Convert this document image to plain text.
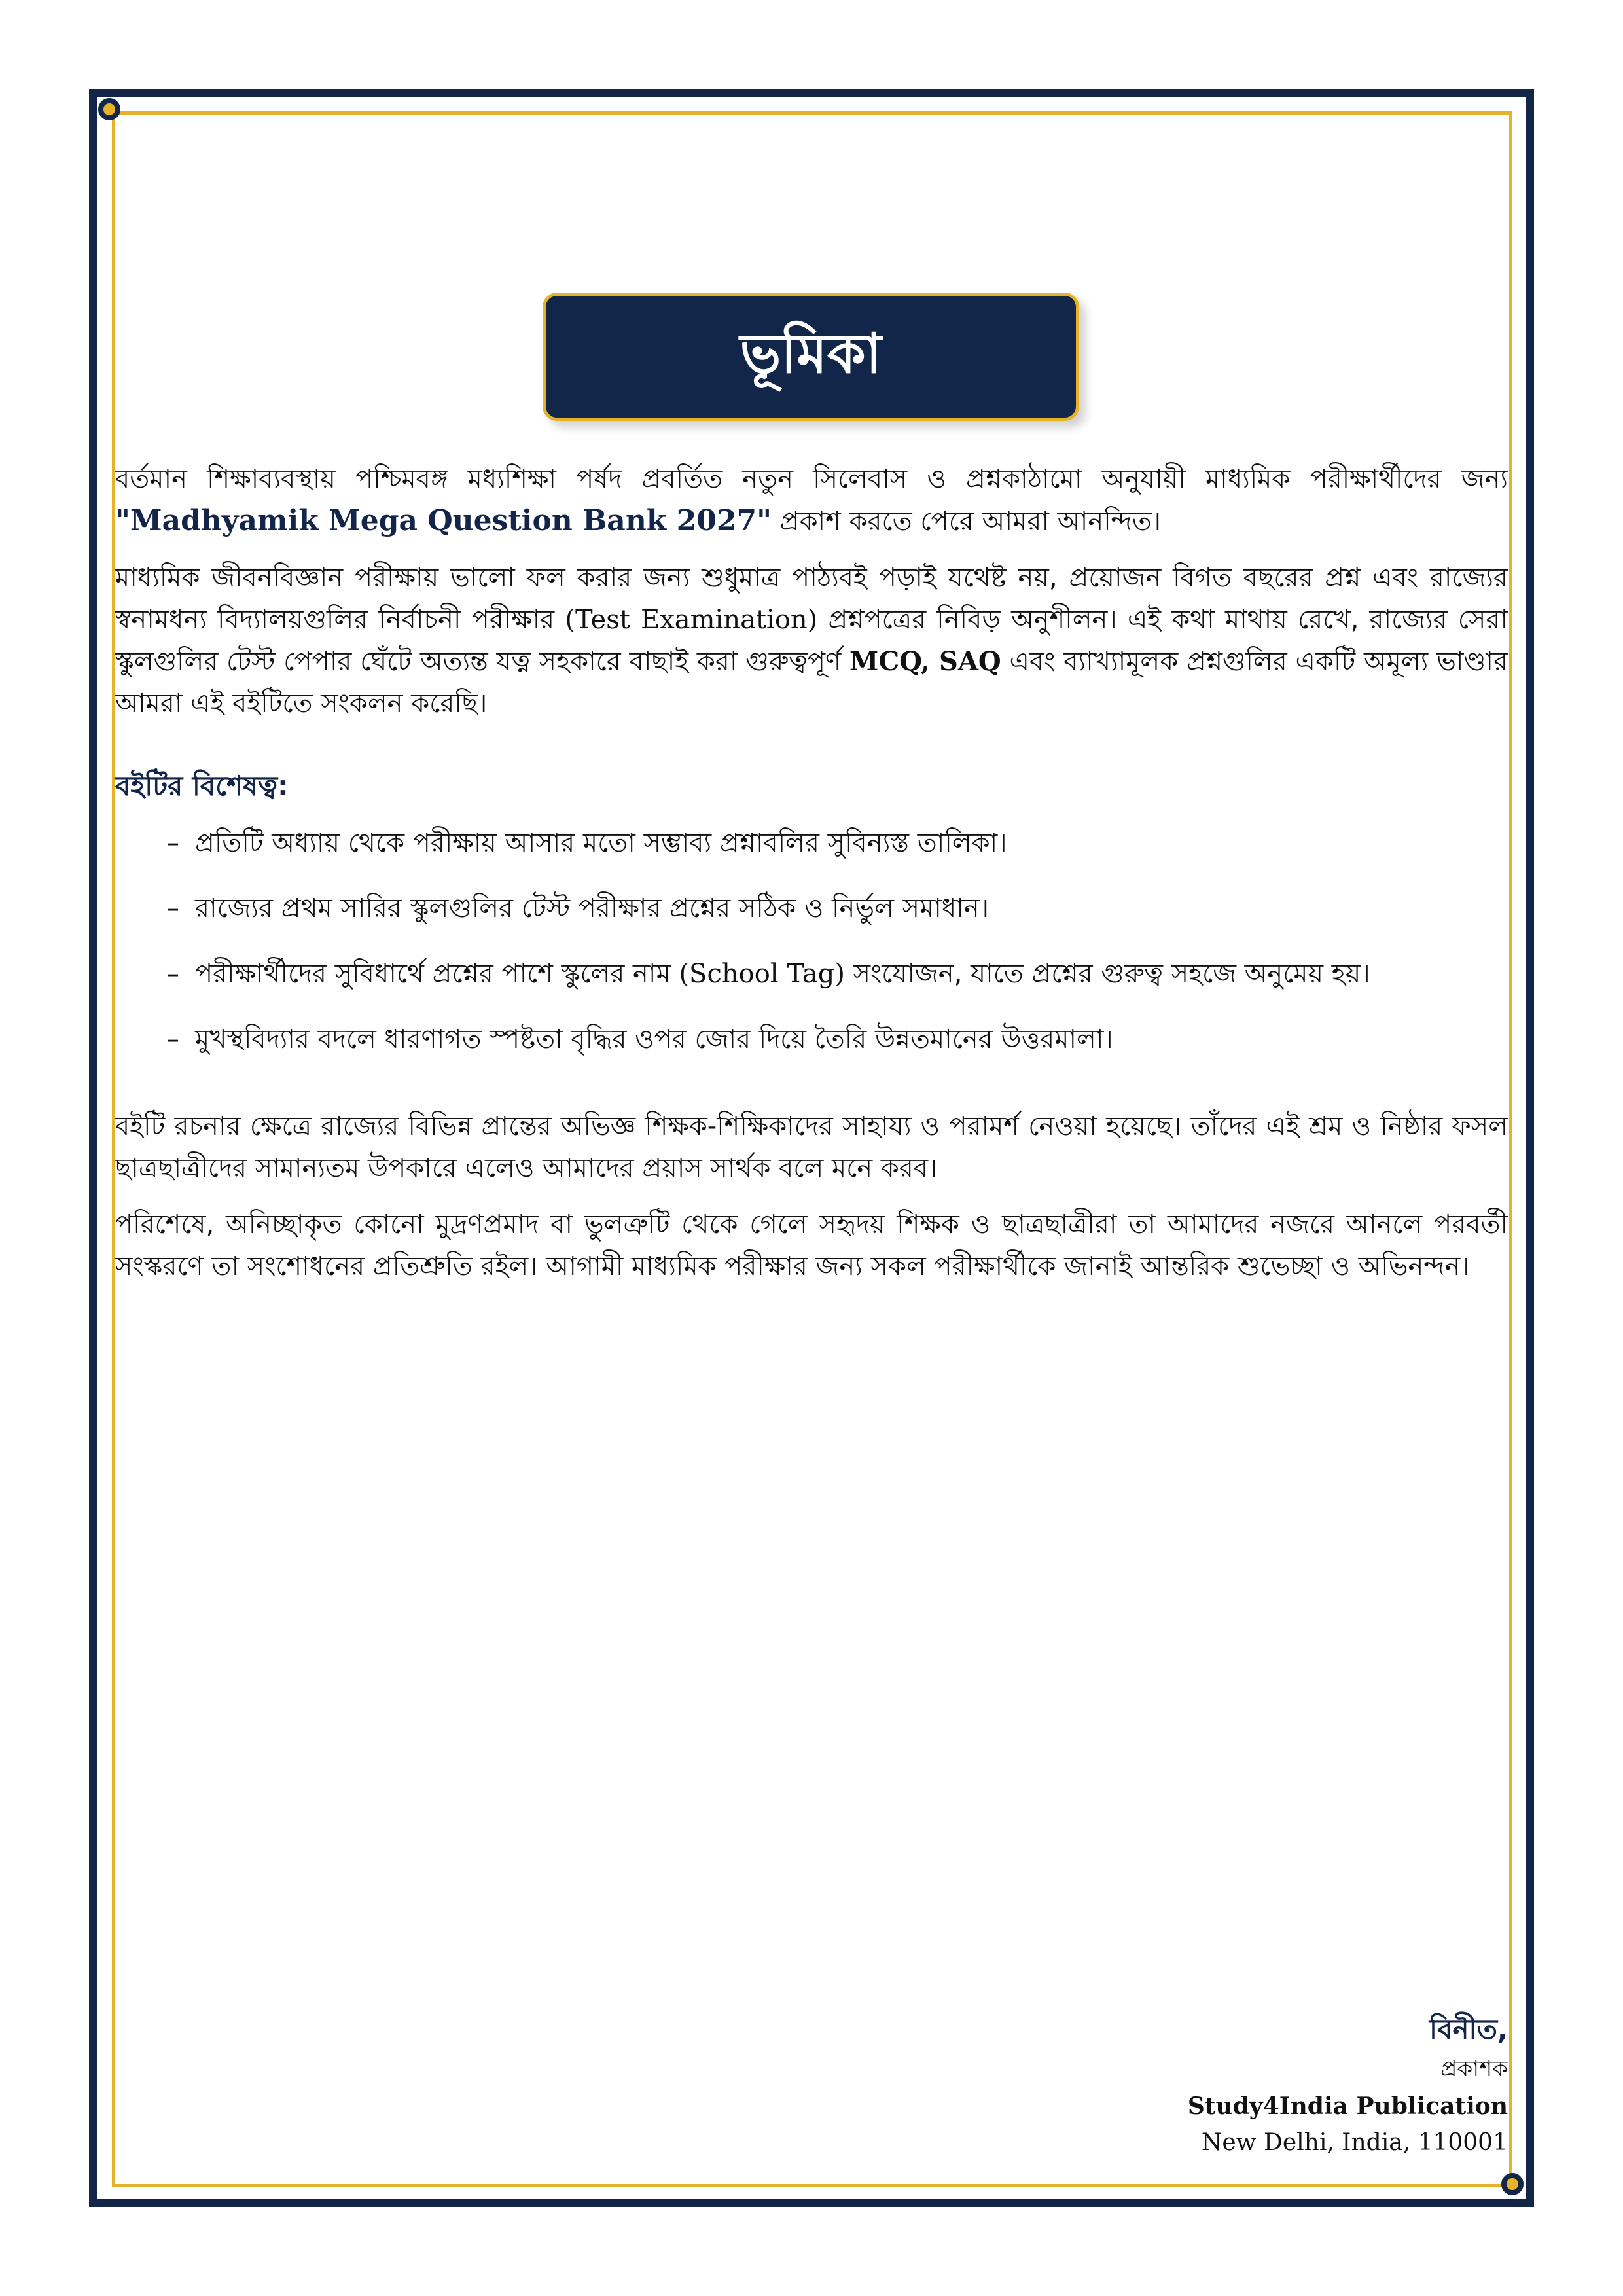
ভূমিকা

বর্তমান শিক্ষাব্যবস্থায় পশ্চিমবঙ্গ মধ্যশিক্ষা পর্ষদ প্রবর্তিত নতুন সিলেবাস ও প্রশ্নকাঠামো অনুযায়ী মাধ্যমিক পরীক্ষার্থীদের জন্য "Madhyamik Mega Question Bank 2027" প্রকাশ করতে পেরে আমরা আনন্দিত।

মাধ্যমিক জীবনবিজ্ঞান পরীক্ষায় ভালো ফল করার জন্য শুধুমাত্র পাঠ্যবই পড়াই যথেষ্ট নয়, প্রয়োজন বিগত বছরের প্রশ্ন এবং রাজ্যের স্বনামধন্য বিদ্যালয়গুলির নির্বাচনী পরীক্ষার (Test Examination) প্রশ্নপত্রের নিবিড় অনুশীলন। এই কথা মাথায় রেখে, রাজ্যের সেরা স্কুলগুলির টেস্ট পেপার ঘেঁটে অত্যন্ত যত্ন সহকারে বাছাই করা গুরুত্বপূর্ণ MCQ, SAQ এবং ব্যাখ্যামূলক প্রশ্নগুলির একটি অমূল্য ভাণ্ডার আমরা এই বইটিতে সংকলন করেছি।

বইটির বিশেষত্ব:
– প্রতিটি অধ্যায় থেকে পরীক্ষায় আসার মতো সম্ভাব্য প্রশ্নাবলির সুবিন্যস্ত তালিকা।
– রাজ্যের প্রথম সারির স্কুলগুলির টেস্ট পরীক্ষার প্রশ্নের সঠিক ও নির্ভুল সমাধান।
– পরীক্ষার্থীদের সুবিধার্থে প্রশ্নের পাশে স্কুলের নাম (School Tag) সংযোজন, যাতে প্রশ্নের গুরুত্ব সহজে অনুমেয় হয়।
– মুখস্থবিদ্যার বদলে ধারণাগত স্পষ্টতা বৃদ্ধির ওপর জোর দিয়ে তৈরি উন্নতমানের উত্তরমালা।

বইটি রচনার ক্ষেত্রে রাজ্যের বিভিন্ন প্রান্তের অভিজ্ঞ শিক্ষক-শিক্ষিকাদের সাহায্য ও পরামর্শ নেওয়া হয়েছে। তাঁদের এই শ্রম ও নিষ্ঠার ফসল ছাত্রছাত্রীদের সামান্যতম উপকারে এলেও আমাদের প্রয়াস সার্থক বলে মনে করব।

পরিশেষে, অনিচ্ছাকৃত কোনো মুদ্রণপ্রমাদ বা ভুলত্রুটি থেকে গেলে সহৃদয় শিক্ষক ও ছাত্রছাত্রীরা তা আমাদের নজরে আনলে পরবর্তী সংস্করণে তা সংশোধনের প্রতিশ্রুতি রইল। আগামী মাধ্যমিক পরীক্ষার জন্য সকল পরীক্ষার্থীকে জানাই আন্তরিক শুভেচ্ছা ও অভিনন্দন।

বিনীত,
প্রকাশক
Study4India Publication
New Delhi, India, 110001
